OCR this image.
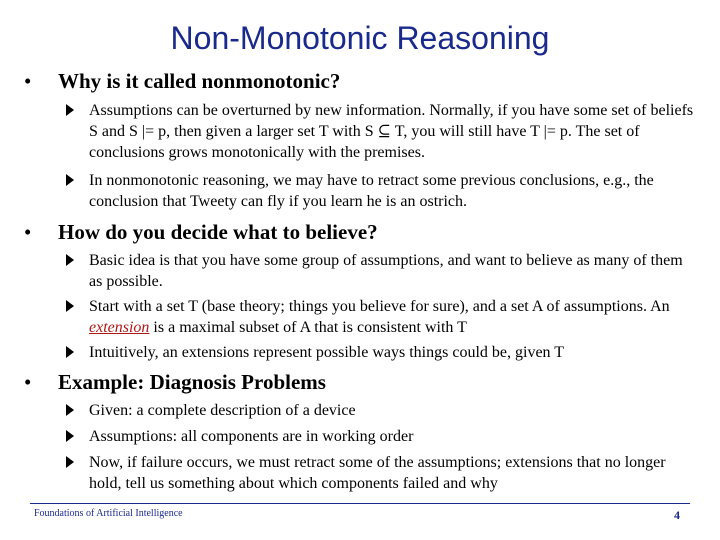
Non-Monotonic Reasoning
• Why is it called nonmonotonic?
Assumptions can be overturned by new information. Normally, if you have some set of beliefs S and S |= p, then given a larger set T with S ⊆ T, you will still have T |= p. The set of conclusions grows monotonically with the premises.
In nonmonotonic reasoning, we may have to retract some previous conclusions, e.g., the conclusion that Tweety can fly if you learn he is an ostrich.
• How do you decide what to believe?
Basic idea is that you have some group of assumptions, and want to believe as many of them as possible.
Start with a set T (base theory; things you believe for sure), and a set A of assumptions. An extension is a maximal subset of A that is consistent with T
Intuitively, an extensions represent possible ways things could be, given T
• Example: Diagnosis Problems
Given: a complete description of a device
Assumptions: all components are in working order
Now, if failure occurs, we must retract some of the assumptions; extensions that no longer hold, tell us something about which components failed and why
Foundations of Artificial Intelligence	4
